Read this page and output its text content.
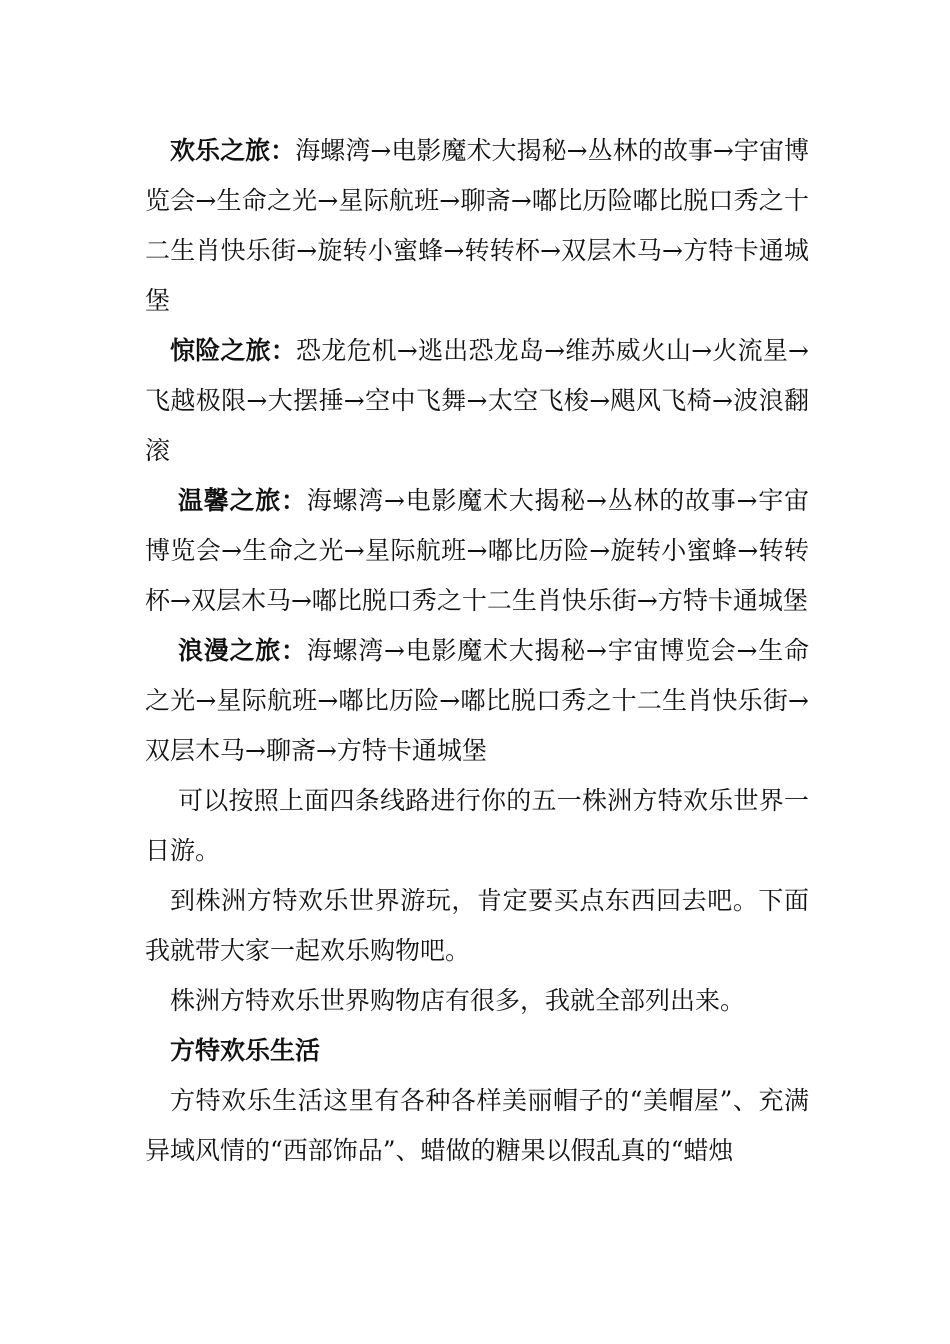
欢乐之旅：海螺湾→电影魔术大揭秘→丛林的故事→宇宙博览会→生命之光→星际航班→聊斋→嘟比历险嘟比脱口秀之十二生肖快乐街→旋转小蜜蜂→转转杯→双层木马→方特卡通城堡

惊险之旅：恐龙危机→逃出恐龙岛→维苏威火山→火流星→飞越极限→大摆捶→空中飞舞→太空飞梭→飓风飞椅→波浪翻滚

温馨之旅：海螺湾→电影魔术大揭秘→丛林的故事→宇宙博览会→生命之光→星际航班→嘟比历险→旋转小蜜蜂→转转杯→双层木马→嘟比脱口秀之十二生肖快乐街→方特卡通城堡

浪漫之旅：海螺湾→电影魔术大揭秘→宇宙博览会→生命之光→星际航班→嘟比历险→嘟比脱口秀之十二生肖快乐街→双层木马→聊斋→方特卡通城堡

可以按照上面四条线路进行你的五一株洲方特欢乐世界一日游。

到株洲方特欢乐世界游玩，肯定要买点东西回去吧。下面我就带大家一起欢乐购物吧。

株洲方特欢乐世界购物店有很多，我就全部列出来。

方特欢乐生活

方特欢乐生活这里有各种各样美丽帽子的“美帽屋”、充满异域风情的“西部饰品”、蜡做的糖果以假乱真的“蜡烛
